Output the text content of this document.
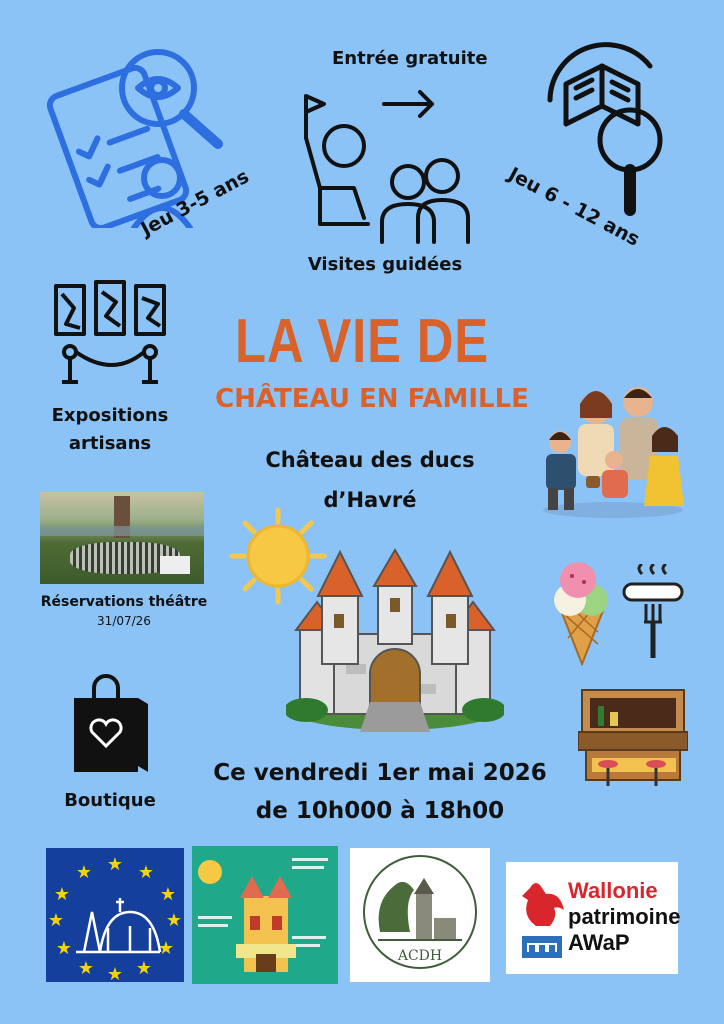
Entrée gratuite
Visites guidées
Jeu 3-5 ans	Jeu 6 - 12 ans
Expositions
artisans
LA VIE DE
CHÂTEAU EN FAMILLE
Château des ducs
d’Havré
Réservations théâtre
31/07/26
Boutique
Ce vendredi 1er mai 2026
de 10h000 à 18h00
★ ★
★
★
★
★
★
★
★
★
★
★
ACDH
Wallonie
patrimoine
AWaP
